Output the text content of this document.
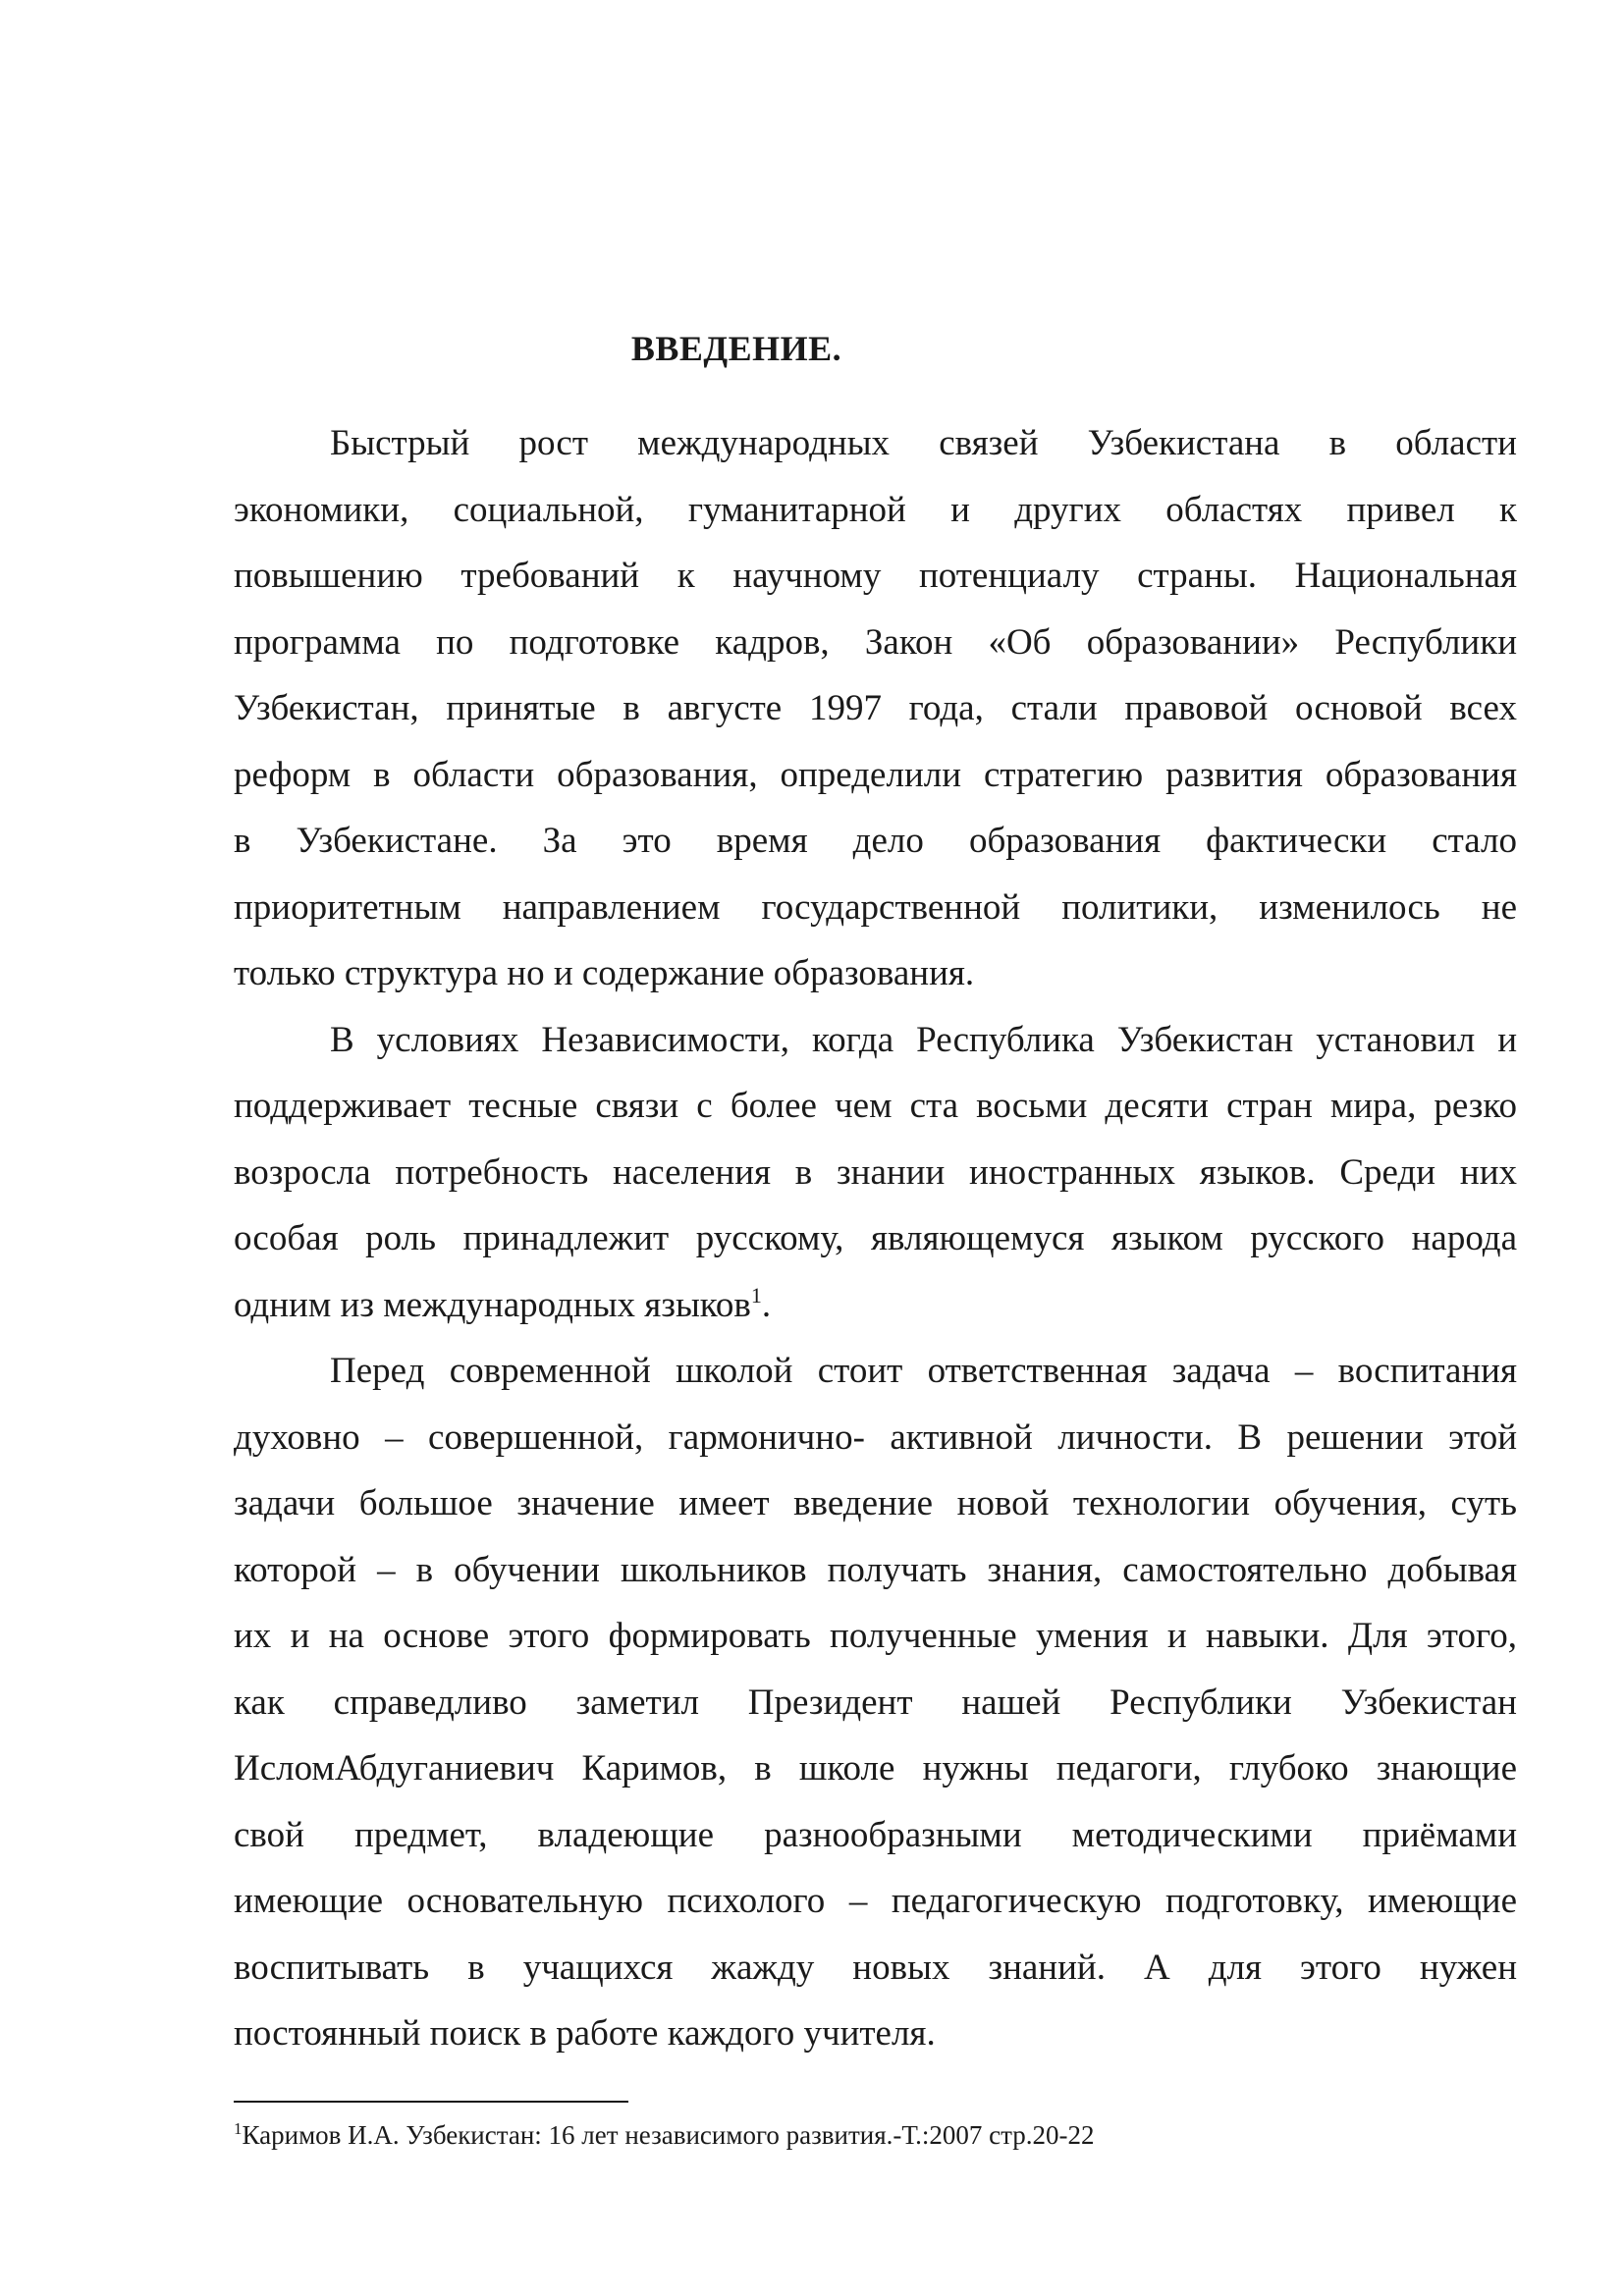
ВВЕДЕНИЕ.
Быстрый рост международных связей Узбекистана в области
экономики, социальной, гуманитарной и других областях привел к
повышению требований к научному потенциалу страны. Национальная
программа по подготовке кадров, Закон «Об образовании» Республики
Узбекистан, принятые в августе 1997 года, стали правовой основой всех
реформ в области образования, определили стратегию развития образования
в Узбекистане. За это время дело образования фактически стало
приоритетным направлением государственной политики, изменилось не
только структура но и содержание образования.
В условиях Независимости, когда Республика Узбекистан установил и
поддерживает тесные связи с более чем ста восьми десяти стран мира, резко
возросла потребность населения в знании иностранных языков. Среди них
особая роль принадлежит русскому, являющемуся языком русского народа
одним из международных языков$^1$.
Перед современной школой стоит ответственная задача – воспитания
духовно – совершенной, гармонично- активной личности. В решении этой
задачи большое значение имеет введение новой технологии обучения, суть
которой – в обучении школьников получать знания, самостоятельно добывая
их и на основе этого формировать полученные умения и навыки. Для этого,
как справедливо заметил Президент нашей Республики Узбекистан
ИсломАбдуганиевич Каримов, в школе нужны педагоги, глубоко знающие
свой предмет, владеющие разнообразными методическими приёмами
имеющие основательную психолого – педагогическую подготовку, имеющие
воспитывать в учащихся жажду новых знаний. А для этого нужен
постоянный поиск в работе каждого учителя.
$^1$Каримов И.А. Узбекистан: 16 лет независимого развития.-Т.:2007 стр.20-22
